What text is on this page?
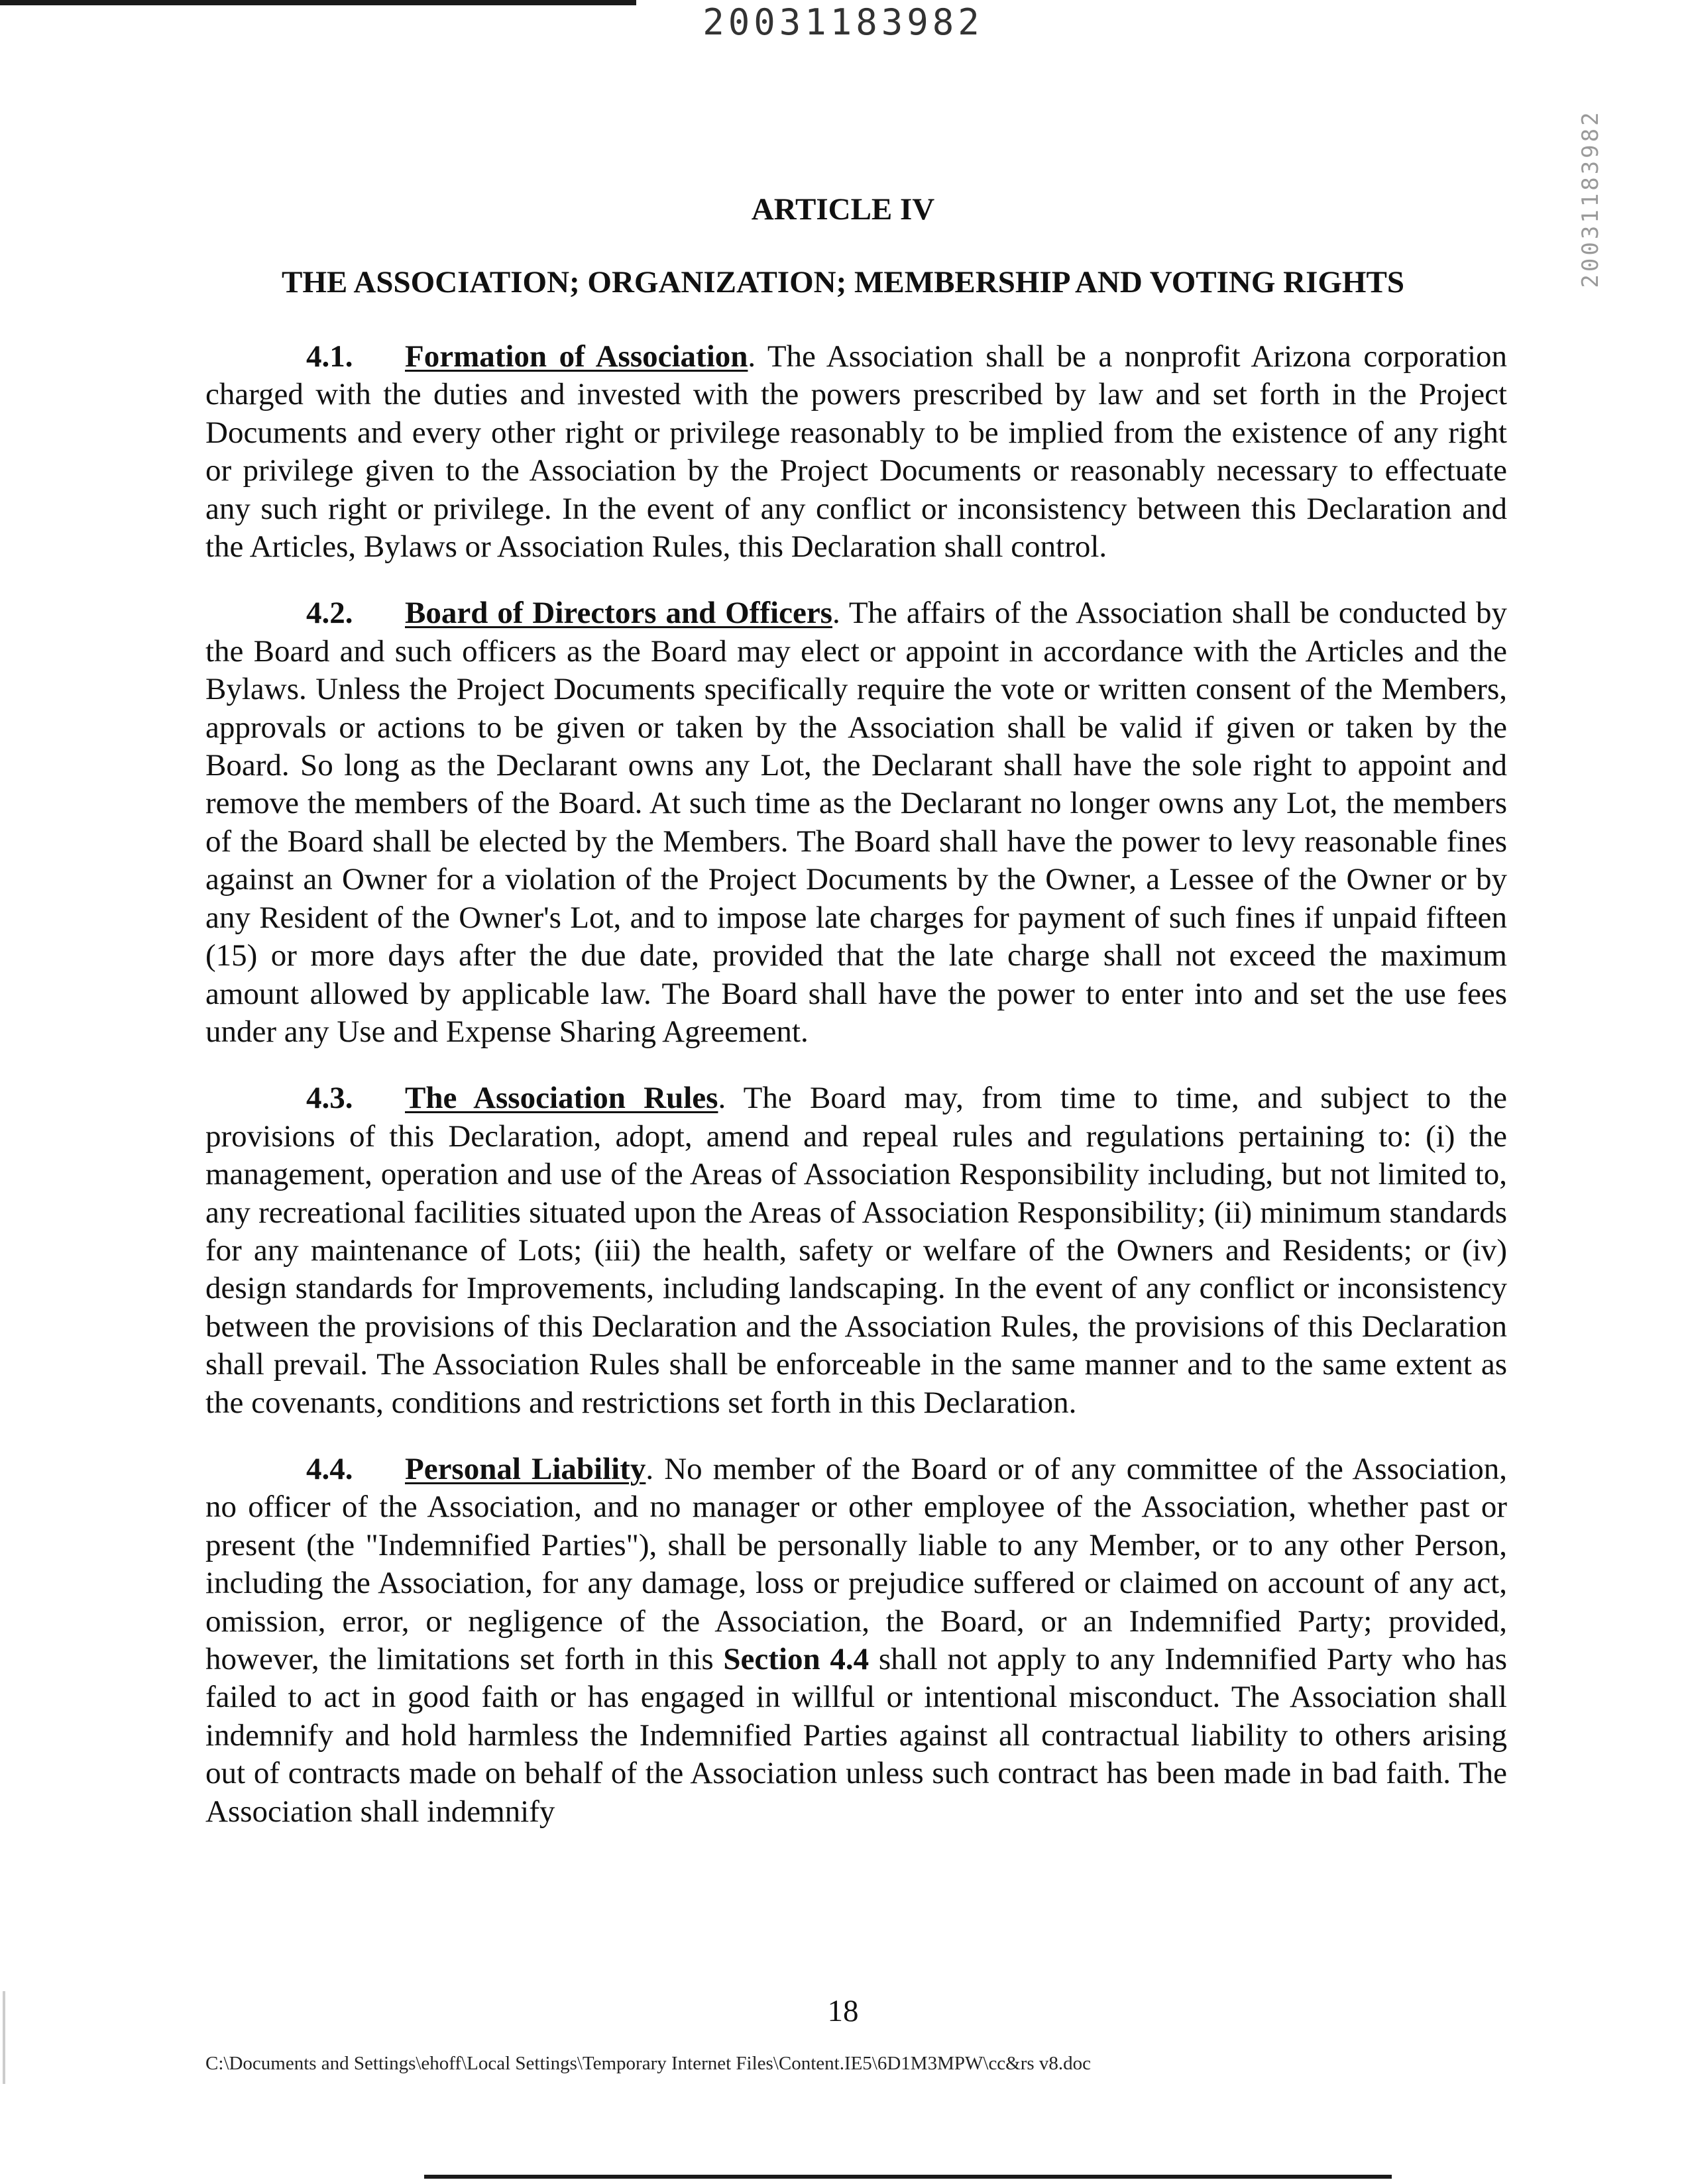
20031183982
20031183982
ARTICLE IV
THE ASSOCIATION; ORGANIZATION; MEMBERSHIP AND VOTING RIGHTS

4.1. Formation of Association. The Association shall be a nonprofit Arizona corporation charged with the duties and invested with the powers prescribed by law and set forth in the Project Documents and every other right or privilege reasonably to be implied from the existence of any right or privilege given to the Association by the Project Documents or reasonably necessary to effectuate any such right or privilege. In the event of any conflict or inconsistency between this Declaration and the Articles, Bylaws or Association Rules, this Declaration shall control.

4.2. Board of Directors and Officers. The affairs of the Association shall be conducted by the Board and such officers as the Board may elect or appoint in accordance with the Articles and the Bylaws. Unless the Project Documents specifically require the vote or written consent of the Members, approvals or actions to be given or taken by the Association shall be valid if given or taken by the Board. So long as the Declarant owns any Lot, the Declarant shall have the sole right to appoint and remove the members of the Board. At such time as the Declarant no longer owns any Lot, the members of the Board shall be elected by the Members. The Board shall have the power to levy reasonable fines against an Owner for a violation of the Project Documents by the Owner, a Lessee of the Owner or by any Resident of the Owner's Lot, and to impose late charges for payment of such fines if unpaid fifteen (15) or more days after the due date, provided that the late charge shall not exceed the maximum amount allowed by applicable law. The Board shall have the power to enter into and set the use fees under any Use and Expense Sharing Agreement.

4.3. The Association Rules. The Board may, from time to time, and subject to the provisions of this Declaration, adopt, amend and repeal rules and regulations pertaining to: (i) the management, operation and use of the Areas of Association Responsibility including, but not limited to, any recreational facilities situated upon the Areas of Association Responsibility; (ii) minimum standards for any maintenance of Lots; (iii) the health, safety or welfare of the Owners and Residents; or (iv) design standards for Improvements, including landscaping. In the event of any conflict or inconsistency between the provisions of this Declaration and the Association Rules, the provisions of this Declaration shall prevail. The Association Rules shall be enforceable in the same manner and to the same extent as the covenants, conditions and restrictions set forth in this Declaration.

4.4. Personal Liability. No member of the Board or of any committee of the Association, no officer of the Association, and no manager or other employee of the Association, whether past or present (the "Indemnified Parties"), shall be personally liable to any Member, or to any other Person, including the Association, for any damage, loss or prejudice suffered or claimed on account of any act, omission, error, or negligence of the Association, the Board, or an Indemnified Party; provided, however, the limitations set forth in this Section 4.4 shall not apply to any Indemnified Party who has failed to act in good faith or has engaged in willful or intentional misconduct. The Association shall indemnify and hold harmless the Indemnified Parties against all contractual liability to others arising out of contracts made on behalf of the Association unless such contract has been made in bad faith. The Association shall indemnify

18
C:\Documents and Settings\ehoff\Local Settings\Temporary Internet Files\Content.IE5\6D1M3MPW\cc&rs v8.doc
